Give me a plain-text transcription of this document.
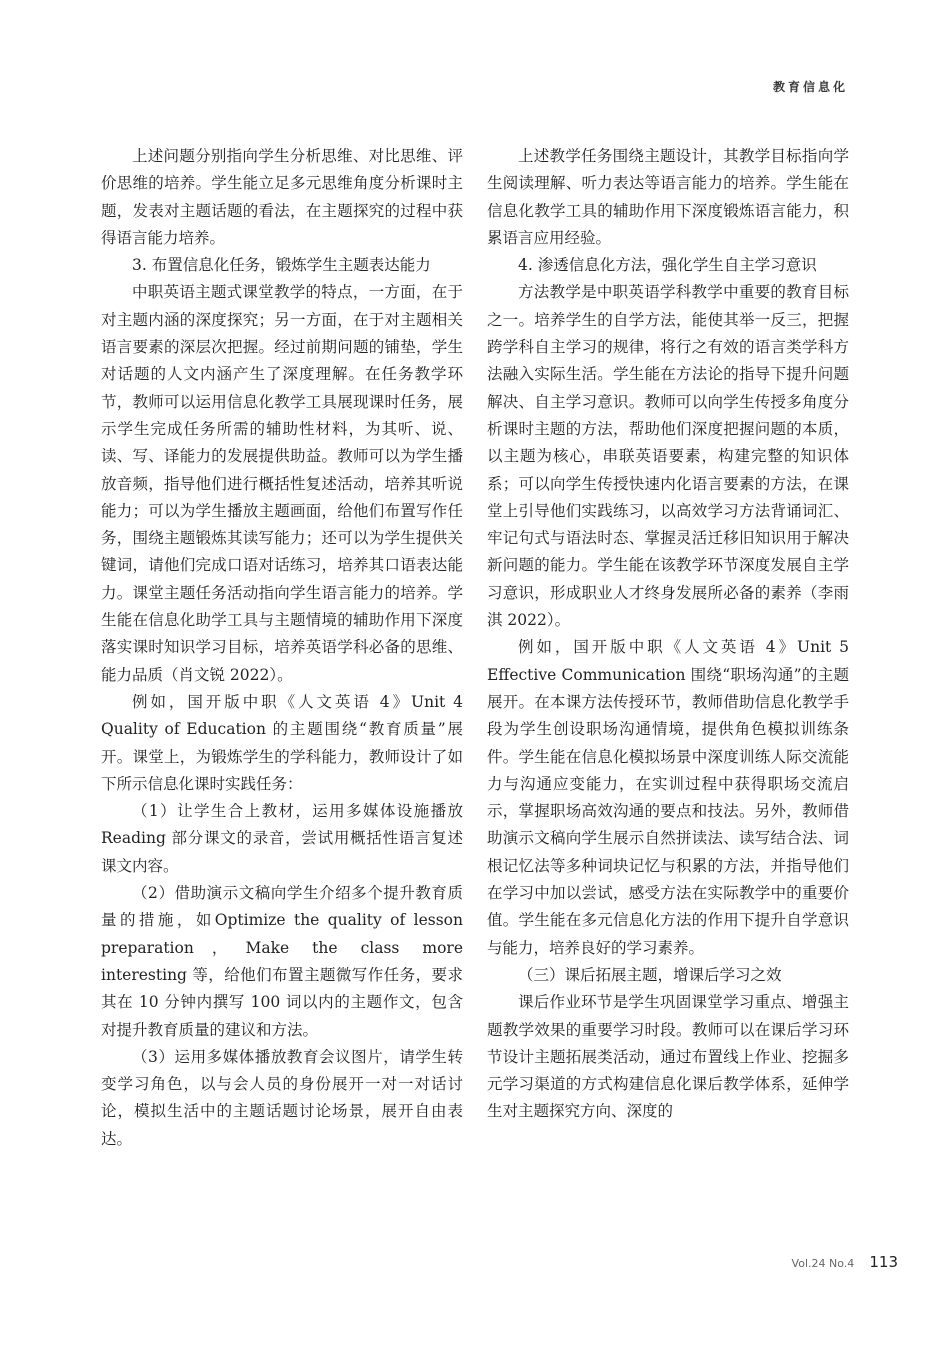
教育信息化

上述问题分别指向学生分析思维、对比思维、评价思维的培养。学生能立足多元思维角度分析课时主题，发表对主题话题的看法，在主题探究的过程中获得语言能力培养。

3. 布置信息化任务，锻炼学生主题表达能力

中职英语主题式课堂教学的特点，一方面，在于对主题内涵的深度探究；另一方面，在于对主题相关语言要素的深层次把握。经过前期问题的铺垫，学生对话题的人文内涵产生了深度理解。在任务教学环节，教师可以运用信息化教学工具展现课时任务，展示学生完成任务所需的辅助性材料，为其听、说、读、写、译能力的发展提供助益。教师可以为学生播放音频，指导他们进行概括性复述活动，培养其听说能力；可以为学生播放主题画面，给他们布置写作任务，围绕主题锻炼其读写能力；还可以为学生提供关键词，请他们完成口语对话练习，培养其口语表达能力。课堂主题任务活动指向学生语言能力的培养。学生能在信息化助学工具与主题情境的辅助作用下深度落实课时知识学习目标，培养英语学科必备的思维、能力品质（肖文锐 2022）。

例如，国开版中职《人文英语 4》Unit 4 Quality of Education 的主题围绕“教育质量”展开。课堂上，为锻炼学生的学科能力，教师设计了如下所示信息化课时实践任务：

（1）让学生合上教材，运用多媒体设施播放 Reading 部分课文的录音，尝试用概括性语言复述课文内容。

（2）借助演示文稿向学生介绍多个提升教育质量的措施，如Optimize the quality of lesson preparation，Make the class more interesting 等，给他们布置主题微写作任务，要求其在 10 分钟内撰写 100 词以内的主题作文，包含对提升教育质量的建议和方法。

（3）运用多媒体播放教育会议图片，请学生转变学习角色，以与会人员的身份展开一对一对话讨论，模拟生活中的主题话题讨论场景，展开自由表达。

上述教学任务围绕主题设计，其教学目标指向学生阅读理解、听力表达等语言能力的培养。学生能在信息化教学工具的辅助作用下深度锻炼语言能力，积累语言应用经验。

4. 渗透信息化方法，强化学生自主学习意识

方法教学是中职英语学科教学中重要的教育目标之一。培养学生的自学方法，能使其举一反三，把握跨学科自主学习的规律，将行之有效的语言类学科方法融入实际生活。学生能在方法论的指导下提升问题解决、自主学习意识。教师可以向学生传授多角度分析课时主题的方法，帮助他们深度把握问题的本质，以主题为核心，串联英语要素，构建完整的知识体系；可以向学生传授快速内化语言要素的方法，在课堂上引导他们实践练习，以高效学习方法背诵词汇、牢记句式与语法时态、掌握灵活迁移旧知识用于解决新问题的能力。学生能在该教学环节深度发展自主学习意识，形成职业人才终身发展所必备的素养（李雨淇 2022）。

例如，国开版中职《人文英语 4》Unit 5 Effective Communication 围绕“职场沟通”的主题展开。在本课方法传授环节，教师借助信息化教学手段为学生创设职场沟通情境，提供角色模拟训练条件。学生能在信息化模拟场景中深度训练人际交流能力与沟通应变能力，在实训过程中获得职场交流启示，掌握职场高效沟通的要点和技法。另外，教师借助演示文稿向学生展示自然拼读法、读写结合法、词根记忆法等多种词块记忆与积累的方法，并指导他们在学习中加以尝试，感受方法在实际教学中的重要价值。学生能在多元信息化方法的作用下提升自学意识与能力，培养良好的学习素养。

（三）课后拓展主题，增课后学习之效

课后作业环节是学生巩固课堂学习重点、增强主题教学效果的重要学习时段。教师可以在课后学习环节设计主题拓展类活动，通过布置线上作业、挖掘多元学习渠道的方式构建信息化课后教学体系，延伸学生对主题探究方向、深度的

Vol.24 No.4 113
